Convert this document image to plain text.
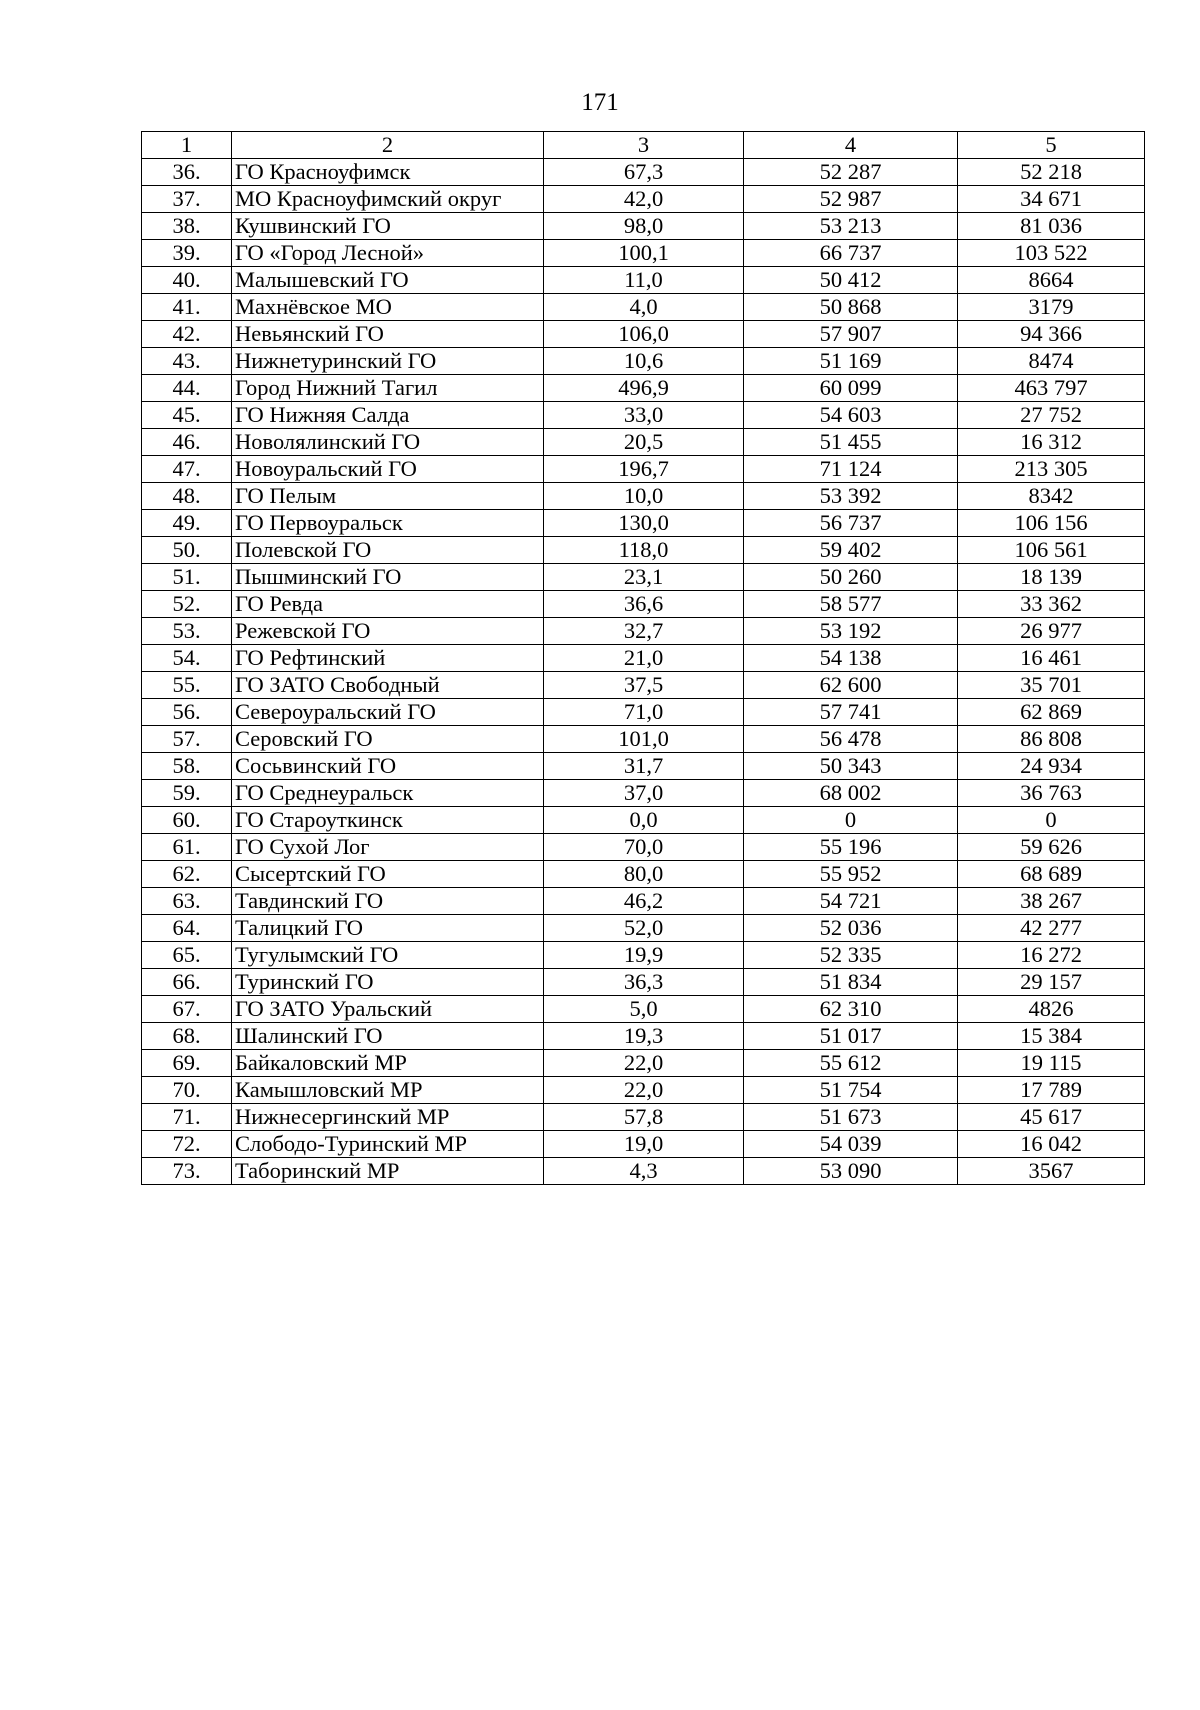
171
1	2	3	4	5
36.	ГО Красноуфимск	67,3	52 287	52 218
37.	МО Красноуфимский округ	42,0	52 987	34 671
38.	Кушвинский ГО	98,0	53 213	81 036
39.	ГО «Город Лесной»	100,1	66 737	103 522
40.	Малышевский ГО	11,0	50 412	8664
41.	Махнёвское МО	4,0	50 868	3179
42.	Невьянский ГО	106,0	57 907	94 366
43.	Нижнетуринский ГО	10,6	51 169	8474
44.	Город Нижний Тагил	496,9	60 099	463 797
45.	ГО Нижняя Салда	33,0	54 603	27 752
46.	Новолялинский ГО	20,5	51 455	16 312
47.	Новоуральский ГО	196,7	71 124	213 305
48.	ГО Пелым	10,0	53 392	8342
49.	ГО Первоуральск	130,0	56 737	106 156
50.	Полевской ГО	118,0	59 402	106 561
51.	Пышминский ГО	23,1	50 260	18 139
52.	ГО Ревда	36,6	58 577	33 362
53.	Режевской ГО	32,7	53 192	26 977
54.	ГО Рефтинский	21,0	54 138	16 461
55.	ГО ЗАТО Свободный	37,5	62 600	35 701
56.	Североуральский ГО	71,0	57 741	62 869
57.	Серовский ГО	101,0	56 478	86 808
58.	Сосьвинский ГО	31,7	50 343	24 934
59.	ГО Среднеуральск	37,0	68 002	36 763
60.	ГО Староуткинск	0,0	0	0
61.	ГО Сухой Лог	70,0	55 196	59 626
62.	Сысертский ГО	80,0	55 952	68 689
63.	Тавдинский ГО	46,2	54 721	38 267
64.	Талицкий ГО	52,0	52 036	42 277
65.	Тугулымский ГО	19,9	52 335	16 272
66.	Туринский ГО	36,3	51 834	29 157
67.	ГО ЗАТО Уральский	5,0	62 310	4826
68.	Шалинский ГО	19,3	51 017	15 384
69.	Байкаловский МР	22,0	55 612	19 115
70.	Камышловский МР	22,0	51 754	17 789
71.	Нижнесергинский МР	57,8	51 673	45 617
72.	Слободо-Туринский МР	19,0	54 039	16 042
73.	Таборинский МР	4,3	53 090	3567
